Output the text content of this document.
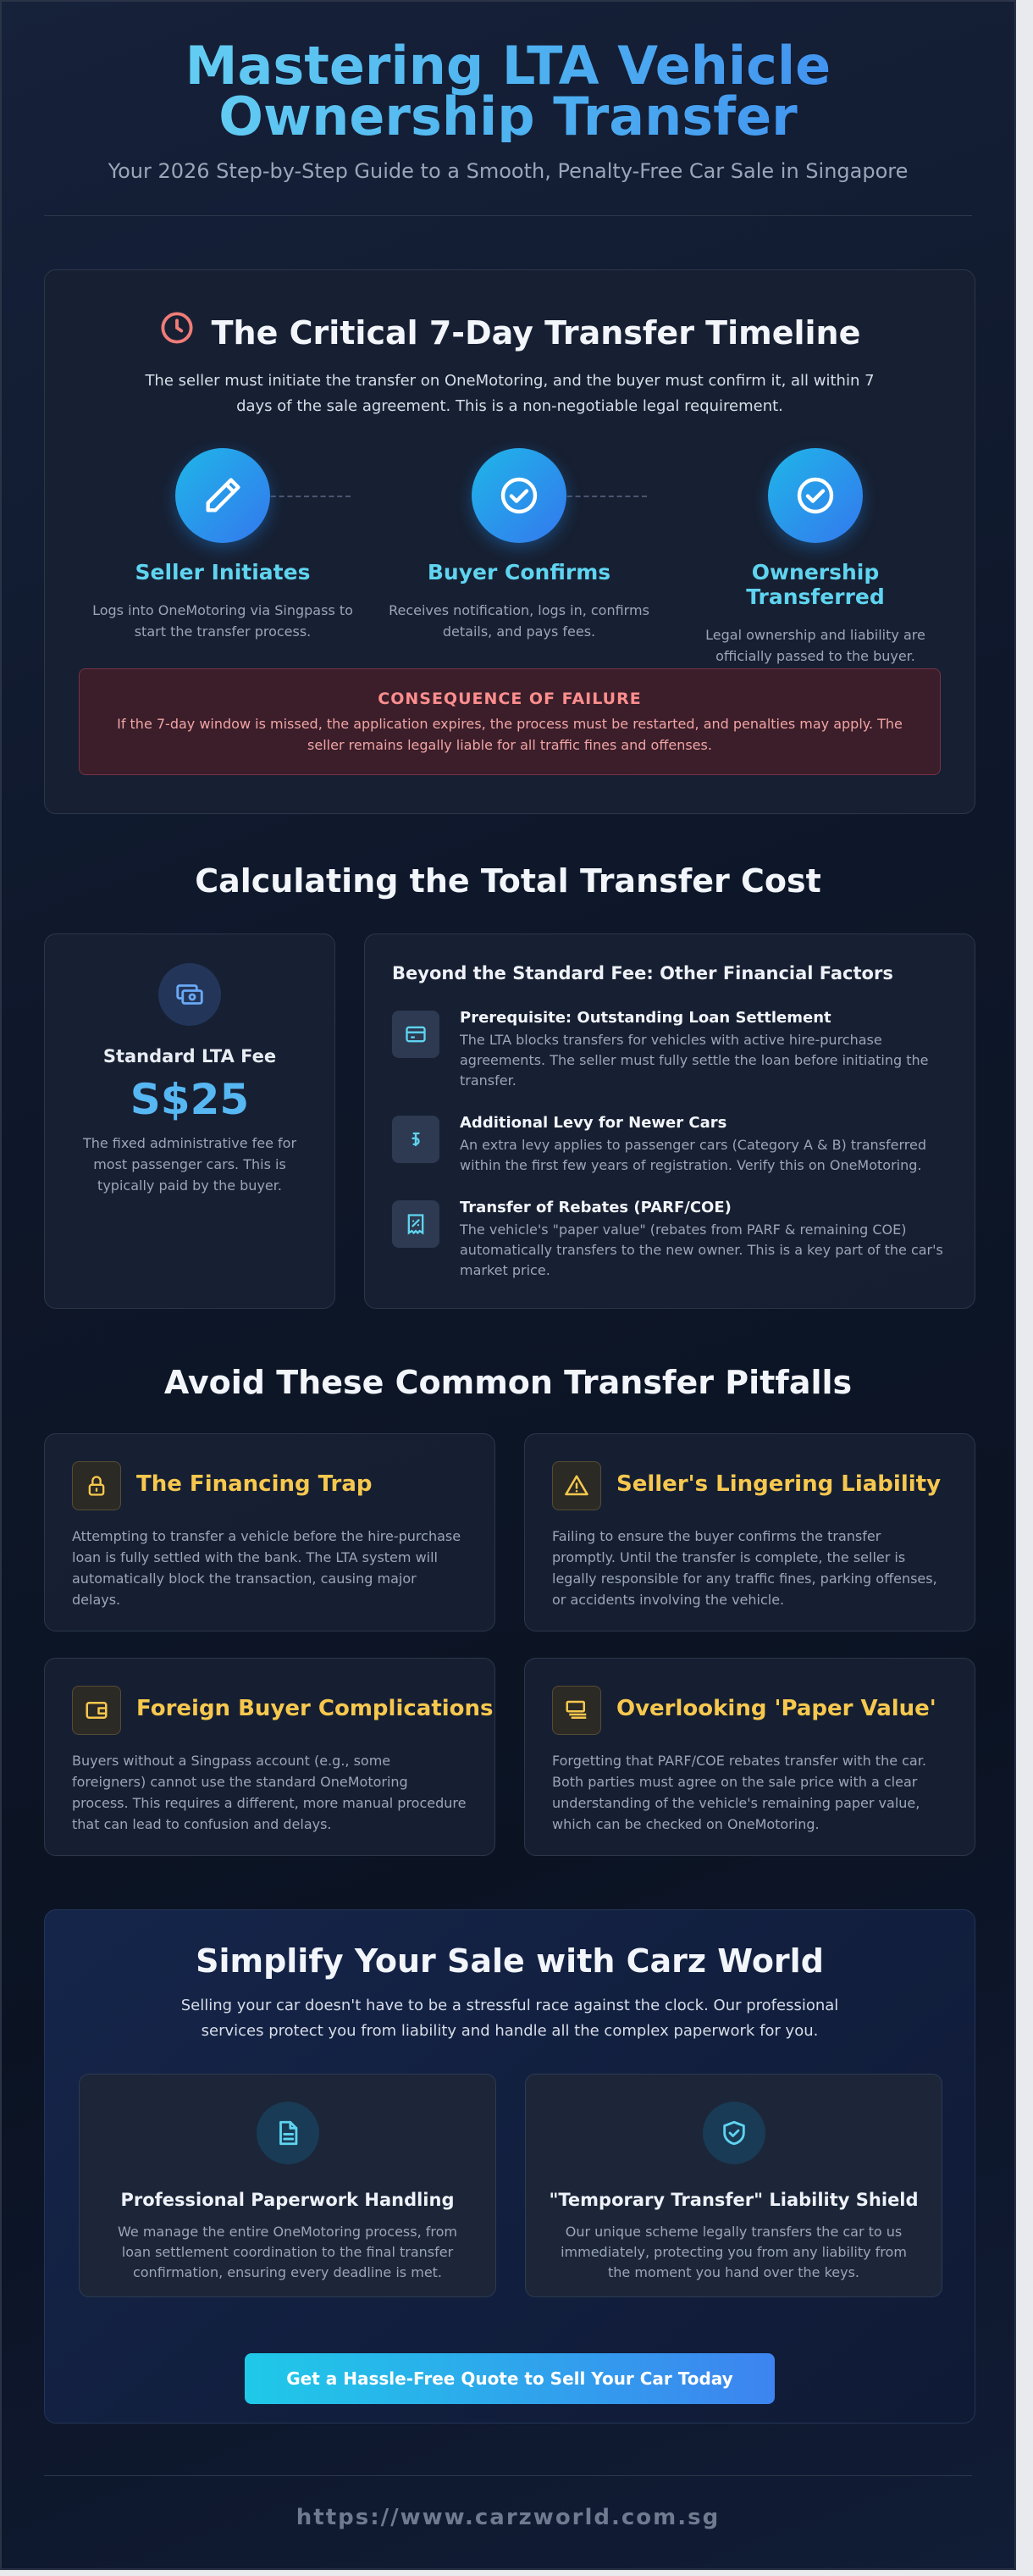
Mastering LTA Vehicle Ownership Transfer
Your 2026 Step-by-Step Guide to a Smooth, Penalty-Free Car Sale in Singapore
The Critical 7-Day Transfer Timeline
The seller must initiate the transfer on OneMotoring, and the buyer must confirm it, all within 7 days of the sale agreement. This is a non-negotiable legal requirement.
Seller Initiates
Logs into OneMotoring via Singpass to start the transfer process.
Buyer Confirms
Receives notification, logs in, confirms details, and pays fees.
Ownership Transferred
Legal ownership and liability are officially passed to the buyer.
CONSEQUENCE OF FAILURE
If the 7-day window is missed, the application expires, the process must be restarted, and penalties may apply. The seller remains legally liable for all traffic fines and offenses.
Calculating the Total Transfer Cost
Standard LTA Fee
S$25
The fixed administrative fee for most passenger cars. This is typically paid by the buyer.
Beyond the Standard Fee: Other Financial Factors
Prerequisite: Outstanding Loan Settlement
The LTA blocks transfers for vehicles with active hire-purchase agreements. The seller must fully settle the loan before initiating the transfer.
Additional Levy for Newer Cars
An extra levy applies to passenger cars (Category A & B) transferred within the first few years of registration. Verify this on OneMotoring.
Transfer of Rebates (PARF/COE)
The vehicle's "paper value" (rebates from PARF & remaining COE) automatically transfers to the new owner. This is a key part of the car's market price.
Avoid These Common Transfer Pitfalls
The Financing Trap
Attempting to transfer a vehicle before the hire-purchase loan is fully settled with the bank. The LTA system will automatically block the transaction, causing major delays.
Seller's Lingering Liability
Failing to ensure the buyer confirms the transfer promptly. Until the transfer is complete, the seller is legally responsible for any traffic fines, parking offenses, or accidents involving the vehicle.
Foreign Buyer Complications
Buyers without a Singpass account (e.g., some foreigners) cannot use the standard OneMotoring process. This requires a different, more manual procedure that can lead to confusion and delays.
Overlooking 'Paper Value'
Forgetting that PARF/COE rebates transfer with the car. Both parties must agree on the sale price with a clear understanding of the vehicle's remaining paper value, which can be checked on OneMotoring.
Simplify Your Sale with Carz World
Selling your car doesn't have to be a stressful race against the clock. Our professional services protect you from liability and handle all the complex paperwork for you.
Professional Paperwork Handling
We manage the entire OneMotoring process, from loan settlement coordination to the final transfer confirmation, ensuring every deadline is met.
"Temporary Transfer" Liability Shield
Our unique scheme legally transfers the car to us immediately, protecting you from any liability from the moment you hand over the keys.
Get a Hassle-Free Quote to Sell Your Car Today
https://www.carzworld.com.sg
